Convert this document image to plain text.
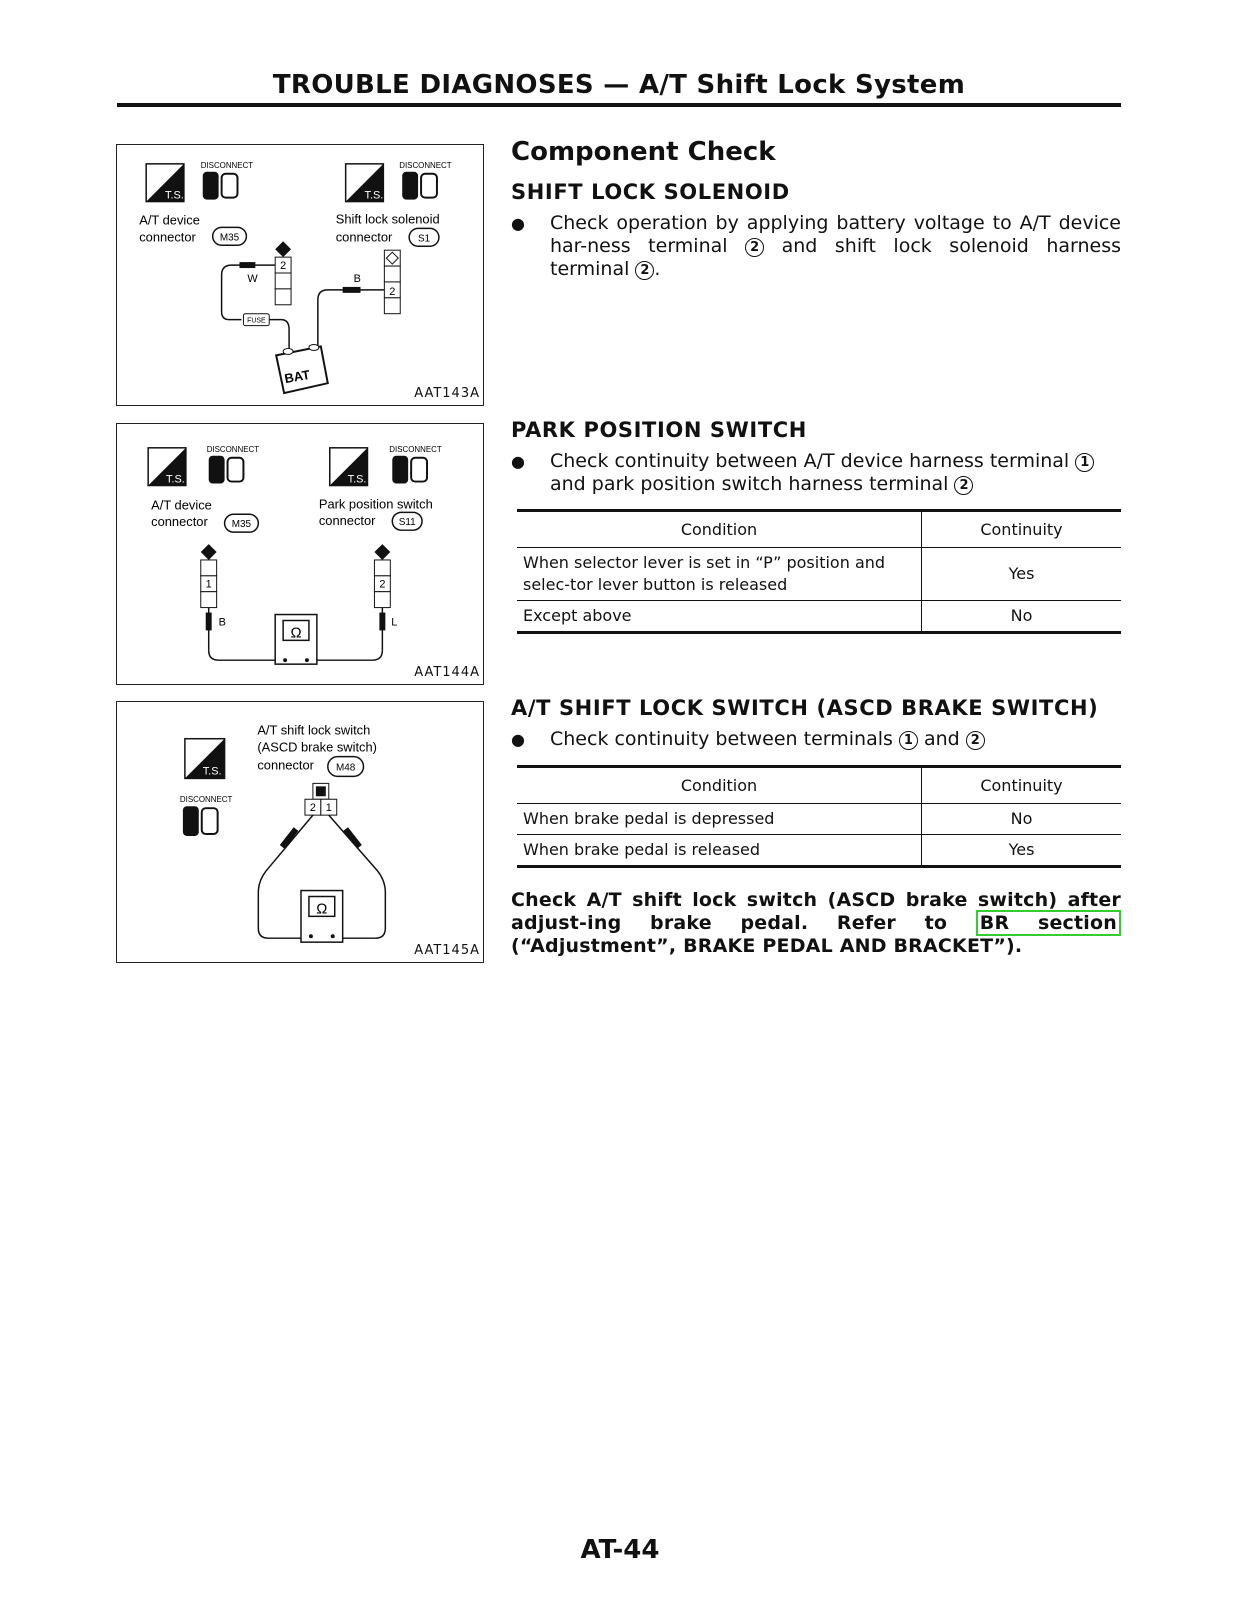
TROUBLE DIAGNOSES — A/T Shift Lock System
T.S.	T.S.
DISCONNECT	DISCONNECT
A/T device
connector M35
Shift lock solenoid
connector	S1
2
2
FUSE
W	B
BAT
AAT143A
T.S.	T.S.
DISCONNECT	DISCONNECT
A/T device
connector M35
Park position switch
connector S11
1	2
B	L
Ω
AAT144A
T.S.
DISCONNECT
A/T shift lock switch
(ASCD brake switch)
connector M48
2 1
Ω
AAT145A
Component Check
SHIFT LOCK SOLENOID
● Check operation by applying battery voltage to A/T device har-ness terminal 2 and shift lock solenoid harness terminal 2 .
PARK POSITION SWITCH
● Check continuity between A/T device harness terminal 1 and park position switch harness terminal 2
Condition	Continuity
When selector lever is set in “P” position and selec-tor lever button is released	Yes
Except above	No
A/T SHIFT LOCK SWITCH (ASCD BRAKE SWITCH)
● Check continuity between terminals 1 and 2
Condition	Continuity
When brake pedal is depressed	No
When brake pedal is released	Yes
Check A/T shift lock switch (ASCD brake switch) after adjust-ing brake pedal. Refer to BR section (“Adjustment”, BRAKE PEDAL AND BRACKET”).
AT-44
